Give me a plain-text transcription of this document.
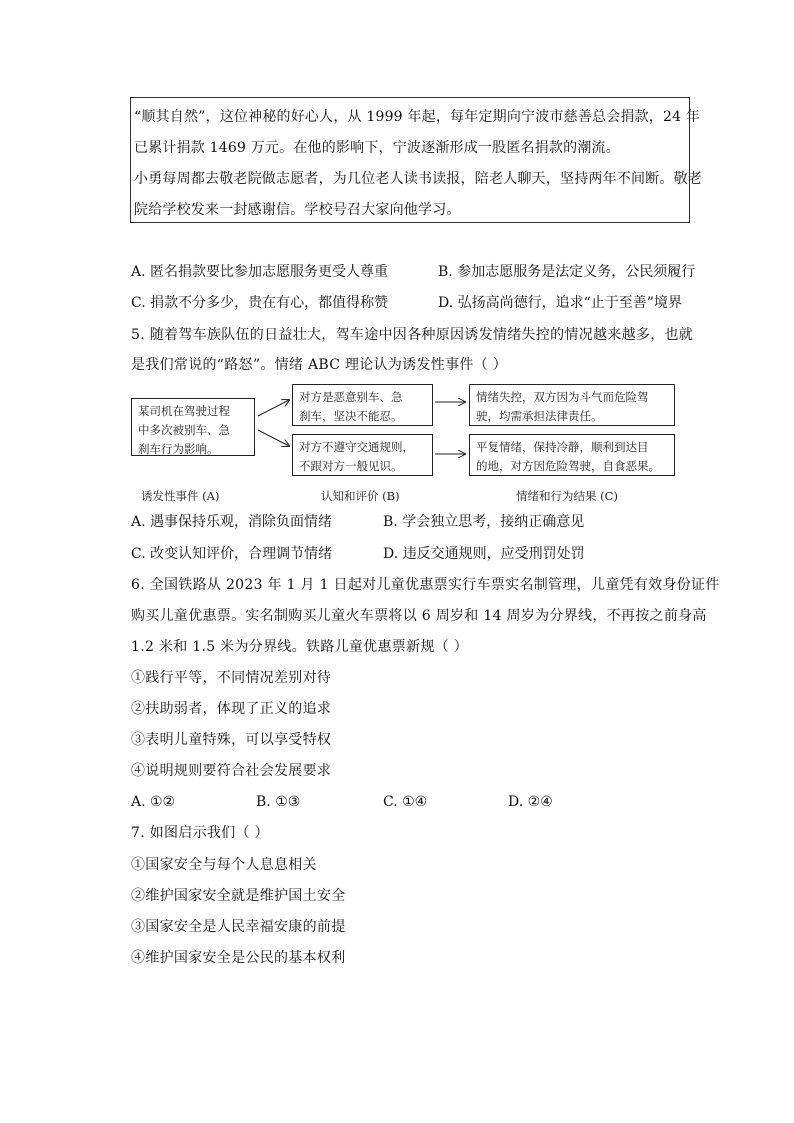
“顺其自然”，这位神秘的好心人，从 1999 年起，每年定期向宁波市慈善总会捐款，24 年
已累计捐款 1469 万元。在他的影响下，宁波逐渐形成一股匿名捐款的潮流。
小勇每周都去敬老院做志愿者，为几位老人读书读报，陪老人聊天，坚持两年不间断。敬老
院给学校发来一封感谢信。学校号召大家向他学习。
A. 匿名捐款要比参加志愿服务更受人尊重	B. 参加志愿服务是法定义务，公民须履行
C. 捐款不分多少，贵在有心，都值得称赞	D. 弘扬高尚德行，追求“止于至善”境界
5. 随着驾车族队伍的日益壮大，驾车途中因各种原因诱发情绪失控的情况越来越多，也就
是我们常说的“路怒”。情绪 ABC 理论认为诱发性事件（ ）
某司机在驾驶过程
中多次被别车、急
刹车行为影响。
对方是恶意别车、急
刹车，坚决不能忍。
对方不遵守交通规则，
不跟对方一般见识。
情绪失控，双方因为斗气而危险驾
驶，均需承担法律责任。
平复情绪，保持冷静，顺利到达目
的地，对方因危险驾驶，自食恶果。
诱发性事件 (A)	认知和评价 (B)	情绪和行为结果 (C)
A. 遇事保持乐观，消除负面情绪	B. 学会独立思考，接纳正确意见
C. 改变认知评价，合理调节情绪	D. 违反交通规则，应受刑罚处罚
6. 全国铁路从 2023 年 1 月 1 日起对儿童优惠票实行车票实名制管理，儿童凭有效身份证件
购买儿童优惠票。实名制购买儿童火车票将以 6 周岁和 14 周岁为分界线，不再按之前身高
1.2 米和 1.5 米为分界线。铁路儿童优惠票新规（ ）
①践行平等，不同情况差别对待
②扶助弱者，体现了正义的追求
③表明儿童特殊，可以享受特权
④说明规则要符合社会发展要求
A. ①②	B. ①③	C. ①④	D. ②④
7. 如图启示我们（ ）
①国家安全与每个人息息相关
②维护国家安全就是维护国土安全
③国家安全是人民幸福安康的前提
④维护国家安全是公民的基本权利
